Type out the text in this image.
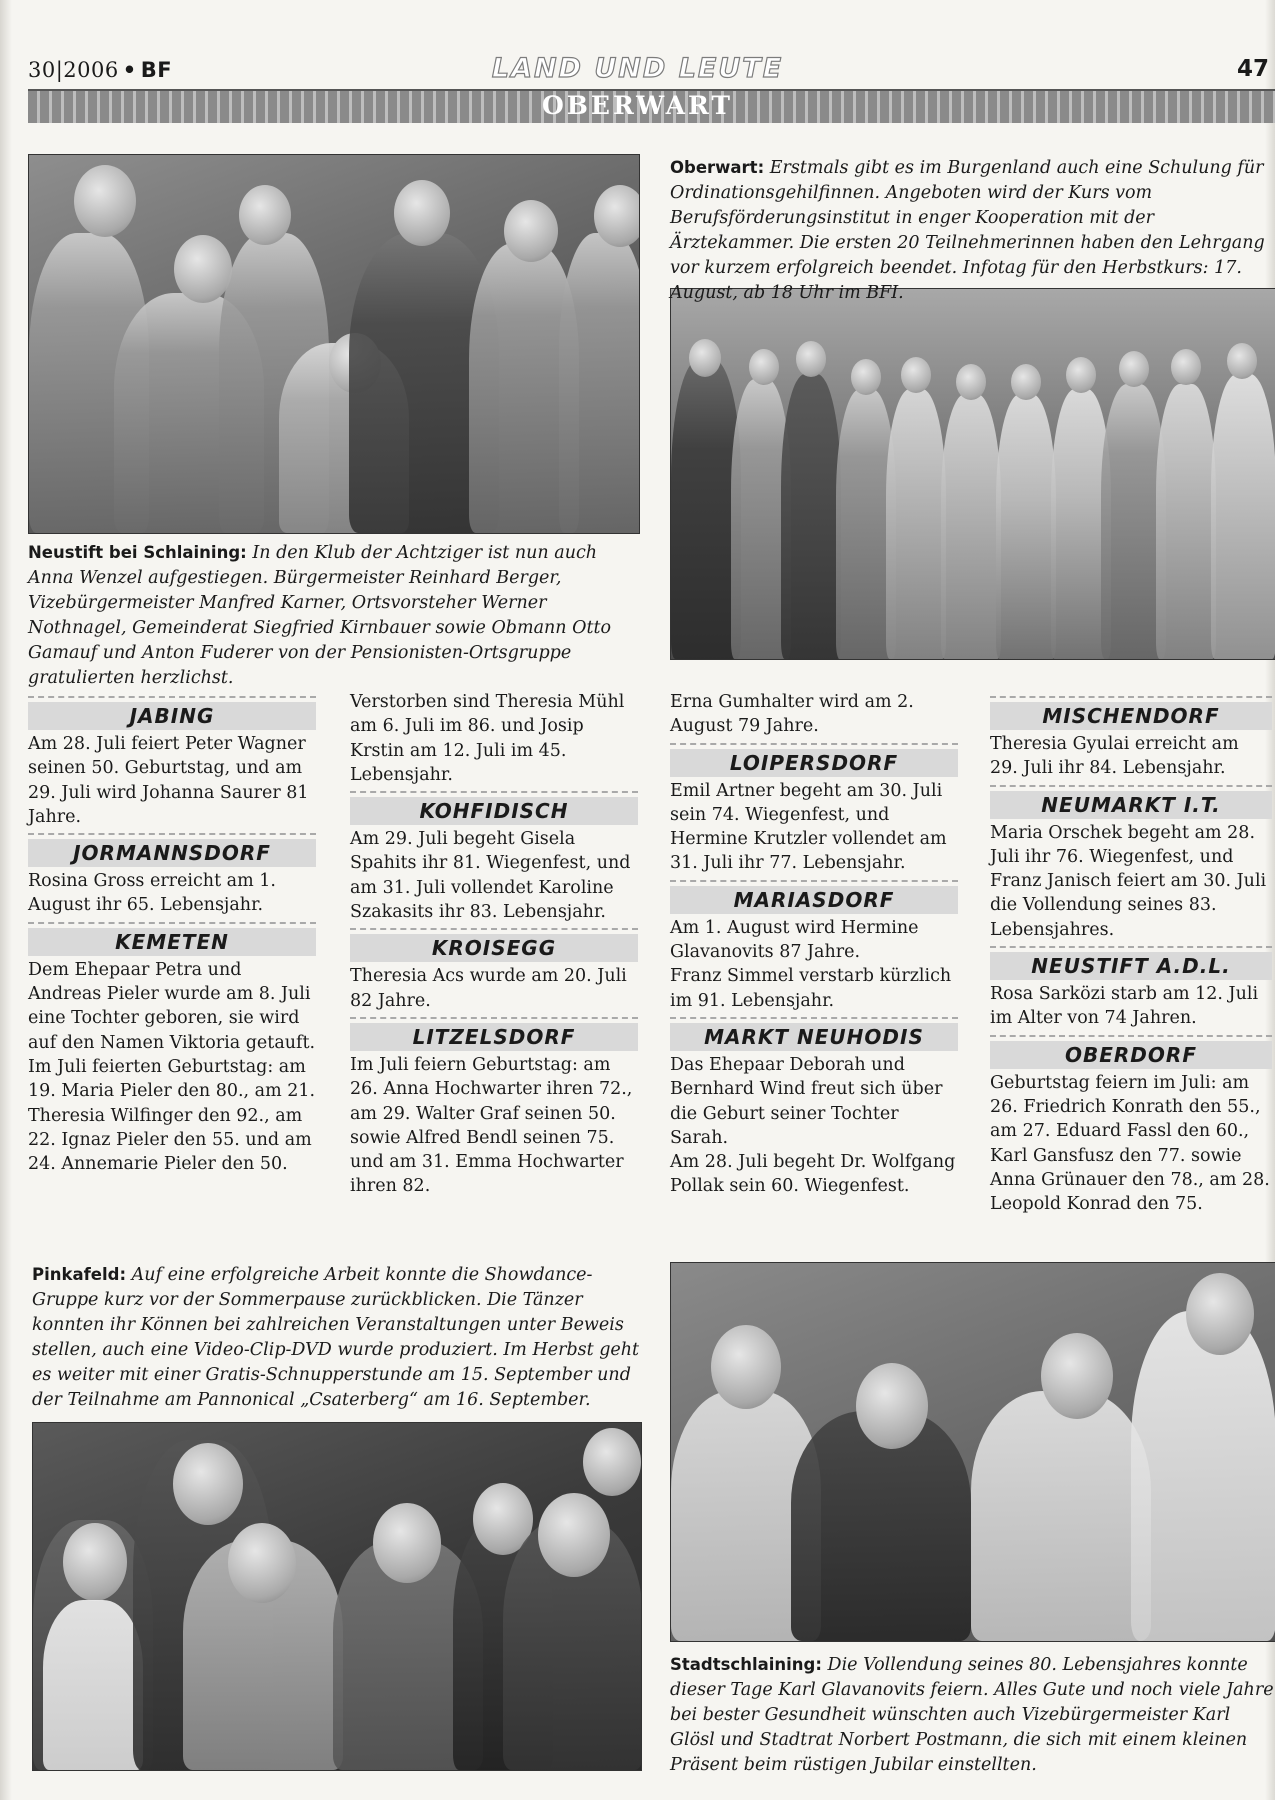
30|2006 • BF	LAND UND LEUTE	47
OBERWART
Oberwart: Erstmals gibt es im Burgenland auch eine Schulung für Ordinationsgehilfinnen. Angeboten wird der Kurs vom Berufsförderungsinstitut in enger Kooperation mit der Ärztekammer. Die ersten 20 Teilnehmerinnen haben den Lehrgang vor kurzem erfolgreich beendet. Infotag für den Herbstkurs: 17. August, ab 18 Uhr im BFI.
Neustift bei Schlaining: In den Klub der Achtziger ist nun auch Anna Wenzel aufgestiegen. Bürgermeister Reinhard Berger, Vizebürgermeister Manfred Karner, Ortsvorsteher Werner Nothnagel, Gemeinderat Siegfried Kirnbauer sowie Obmann Otto Gamauf und Anton Fuderer von der Pensionisten-Ortsgruppe gratulierten herzlichst.
JABING

Am 28. Juli feiert Peter Wagner seinen 50. Geburtstag, und am 29. Juli wird Johanna Saurer 81 Jahre.

JORMANNSDORF

Rosina Gross erreicht am 1. August ihr 65. Lebensjahr.

KEMETEN

Dem Ehepaar Petra und Andreas Pieler wurde am 8. Juli eine Tochter geboren, sie wird auf den Namen Viktoria getauft.

Im Juli feierten Geburtstag: am 19. Maria Pieler den 80., am 21. Theresia Wilfinger den 92., am 22. Ignaz Pieler den 55. und am 24. Annemarie Pieler den 50.

Verstorben sind Theresia Mühl am 6. Juli im 86. und Josip Krstin am 12. Juli im 45. Lebensjahr.

KOHFIDISCH

Am 29. Juli begeht Gisela Spahits ihr 81. Wiegenfest, und am 31. Juli vollendet Karoline Szakasits ihr 83. Lebensjahr.

KROISEGG

Theresia Acs wurde am 20. Juli 82 Jahre.

LITZELSDORF

Im Juli feiern Geburtstag: am 26. Anna Hochwarter ihren 72., am 29. Walter Graf seinen 50. sowie Alfred Bendl seinen 75. und am 31. Emma Hochwarter ihren 82.

Erna Gumhalter wird am 2. August 79 Jahre.

LOIPERSDORF

Emil Artner begeht am 30. Juli sein 74. Wiegenfest, und Hermine Krutzler vollendet am 31. Juli ihr 77. Lebensjahr.

MARIASDORF

Am 1. August wird Hermine Glavanovits 87 Jahre.

Franz Simmel verstarb kürzlich im 91. Lebensjahr.

MARKT NEUHODIS

Das Ehepaar Deborah und Bernhard Wind freut sich über die Geburt seiner Tochter Sarah.

Am 28. Juli begeht Dr. Wolfgang Pollak sein 60. Wiegenfest.

MISCHENDORF

Theresia Gyulai erreicht am 29. Juli ihr 84. Lebensjahr.

NEUMARKT I.T.

Maria Orschek begeht am 28. Juli ihr 76. Wiegenfest, und Franz Janisch feiert am 30. Juli die Vollendung seines 83. Lebensjahres.

NEUSTIFT A.D.L.

Rosa Sarközi starb am 12. Juli im Alter von 74 Jahren.

OBERDORF

Geburtstag feiern im Juli: am 26. Friedrich Konrath den 55., am 27. Eduard Fassl den 60., Karl Gansfusz den 77. sowie Anna Grünauer den 78., am 28. Leopold Konrad den 75.

Pinkafeld: Auf eine erfolgreiche Arbeit konnte die Showdance-Gruppe kurz vor der Sommerpause zurückblicken. Die Tänzer konnten ihr Können bei zahlreichen Veranstaltungen unter Beweis stellen, auch eine Video-Clip-DVD wurde produziert. Im Herbst geht es weiter mit einer Gratis-Schnupperstunde am 15. September und der Teilnahme am Pannonical „Csaterberg“ am 16. September.
Stadtschlaining: Die Vollendung seines 80. Lebensjahres konnte dieser Tage Karl Glavanovits feiern. Alles Gute und noch viele Jahre bei bester Gesundheit wünschten auch Vizebürgermeister Karl Glösl und Stadtrat Norbert Postmann, die sich mit einem kleinen Präsent beim rüstigen Jubilar einstellten.
